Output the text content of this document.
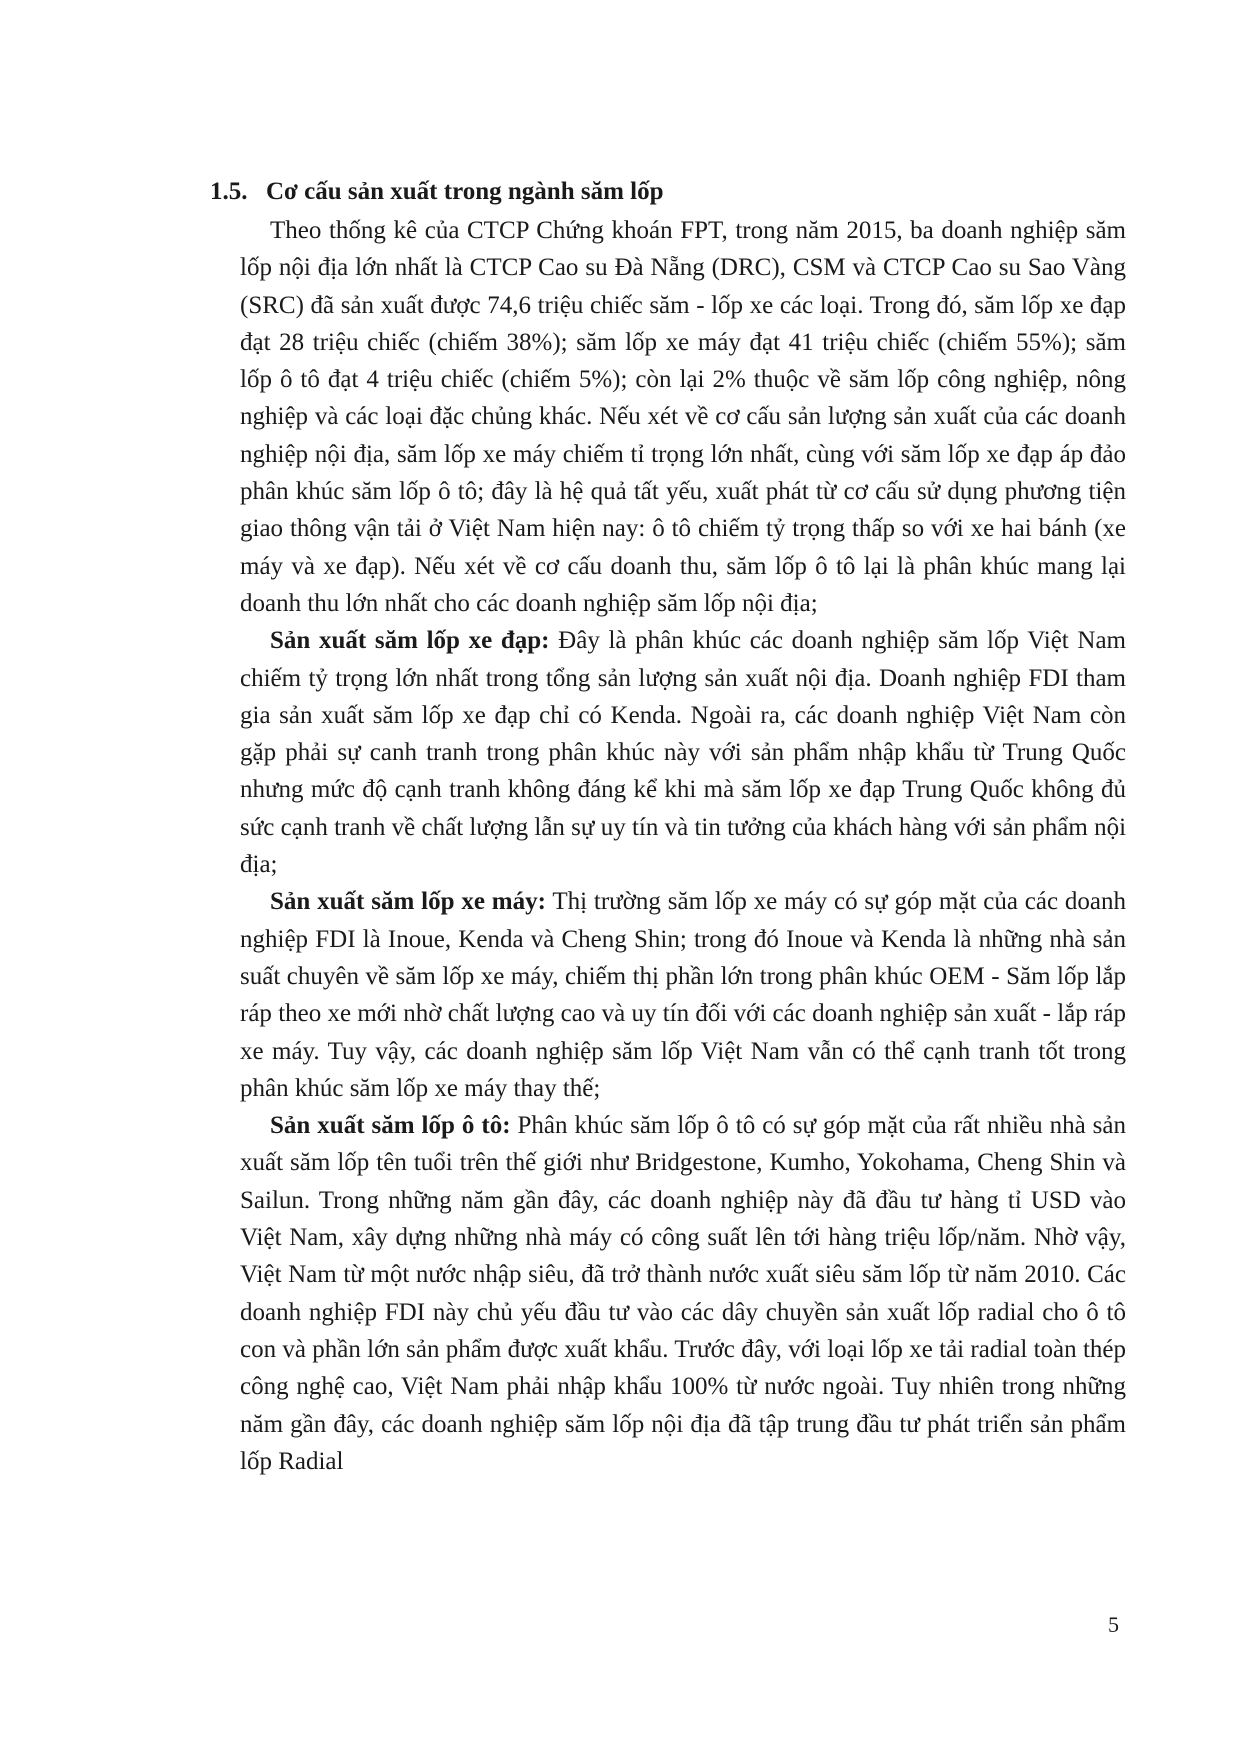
1.5. Cơ cấu sản xuất trong ngành săm lốp

Theo thống kê của CTCP Chứng khoán FPT, trong năm 2015, ba doanh nghiệp săm lốp nội địa lớn nhất là CTCP Cao su Đà Nẵng (DRC), CSM và CTCP Cao su Sao Vàng (SRC) đã sản xuất được 74,6 triệu chiếc săm - lốp xe các loại. Trong đó, săm lốp xe đạp đạt 28 triệu chiếc (chiếm 38%); săm lốp xe máy đạt 41 triệu chiếc (chiếm 55%); săm lốp ô tô đạt 4 triệu chiếc (chiếm 5%); còn lại 2% thuộc về săm lốp công nghiệp, nông nghiệp và các loại đặc chủng khác. Nếu xét về cơ cấu sản lượng sản xuất của các doanh nghiệp nội địa, săm lốp xe máy chiếm tỉ trọng lớn nhất, cùng với săm lốp xe đạp áp đảo phân khúc săm lốp ô tô; đây là hệ quả tất yếu, xuất phát từ cơ cấu sử dụng phương tiện giao thông vận tải ở Việt Nam hiện nay: ô tô chiếm tỷ trọng thấp so với xe hai bánh (xe máy và xe đạp). Nếu xét về cơ cấu doanh thu, săm lốp ô tô lại là phân khúc mang lại doanh thu lớn nhất cho các doanh nghiệp săm lốp nội địa;

Sản xuất săm lốp xe đạp: Đây là phân khúc các doanh nghiệp săm lốp Việt Nam chiếm tỷ trọng lớn nhất trong tổng sản lượng sản xuất nội địa. Doanh nghiệp FDI tham gia sản xuất săm lốp xe đạp chỉ có Kenda. Ngoài ra, các doanh nghiệp Việt Nam còn gặp phải sự canh tranh trong phân khúc này với sản phẩm nhập khẩu từ Trung Quốc nhưng mức độ cạnh tranh không đáng kể khi mà săm lốp xe đạp Trung Quốc không đủ sức cạnh tranh về chất lượng lẫn sự uy tín và tin tưởng của khách hàng với sản phẩm nội địa;

Sản xuất săm lốp xe máy: Thị trường săm lốp xe máy có sự góp mặt của các doanh nghiệp FDI là Inoue, Kenda và Cheng Shin; trong đó Inoue và Kenda là những nhà sản suất chuyên về săm lốp xe máy, chiếm thị phần lớn trong phân khúc OEM - Săm lốp lắp ráp theo xe mới nhờ chất lượng cao và uy tín đối với các doanh nghiệp sản xuất - lắp ráp xe máy. Tuy vậy, các doanh nghiệp săm lốp Việt Nam vẫn có thể cạnh tranh tốt trong phân khúc săm lốp xe máy thay thế;

Sản xuất săm lốp ô tô: Phân khúc săm lốp ô tô có sự góp mặt của rất nhiều nhà sản xuất săm lốp tên tuổi trên thế giới như Bridgestone, Kumho, Yokohama, Cheng Shin và Sailun. Trong những năm gần đây, các doanh nghiệp này đã đầu tư hàng tỉ USD vào Việt Nam, xây dựng những nhà máy có công suất lên tới hàng triệu lốp/năm. Nhờ vậy, Việt Nam từ một nước nhập siêu, đã trở thành nước xuất siêu săm lốp từ năm 2010. Các doanh nghiệp FDI này chủ yếu đầu tư vào các dây chuyền sản xuất lốp radial cho ô tô con và phần lớn sản phẩm được xuất khẩu. Trước đây, với loại lốp xe tải radial toàn thép công nghệ cao, Việt Nam phải nhập khẩu 100% từ nước ngoài. Tuy nhiên trong những năm gần đây, các doanh nghiệp săm lốp nội địa đã tập trung đầu tư phát triển sản phẩm lốp Radial

5
